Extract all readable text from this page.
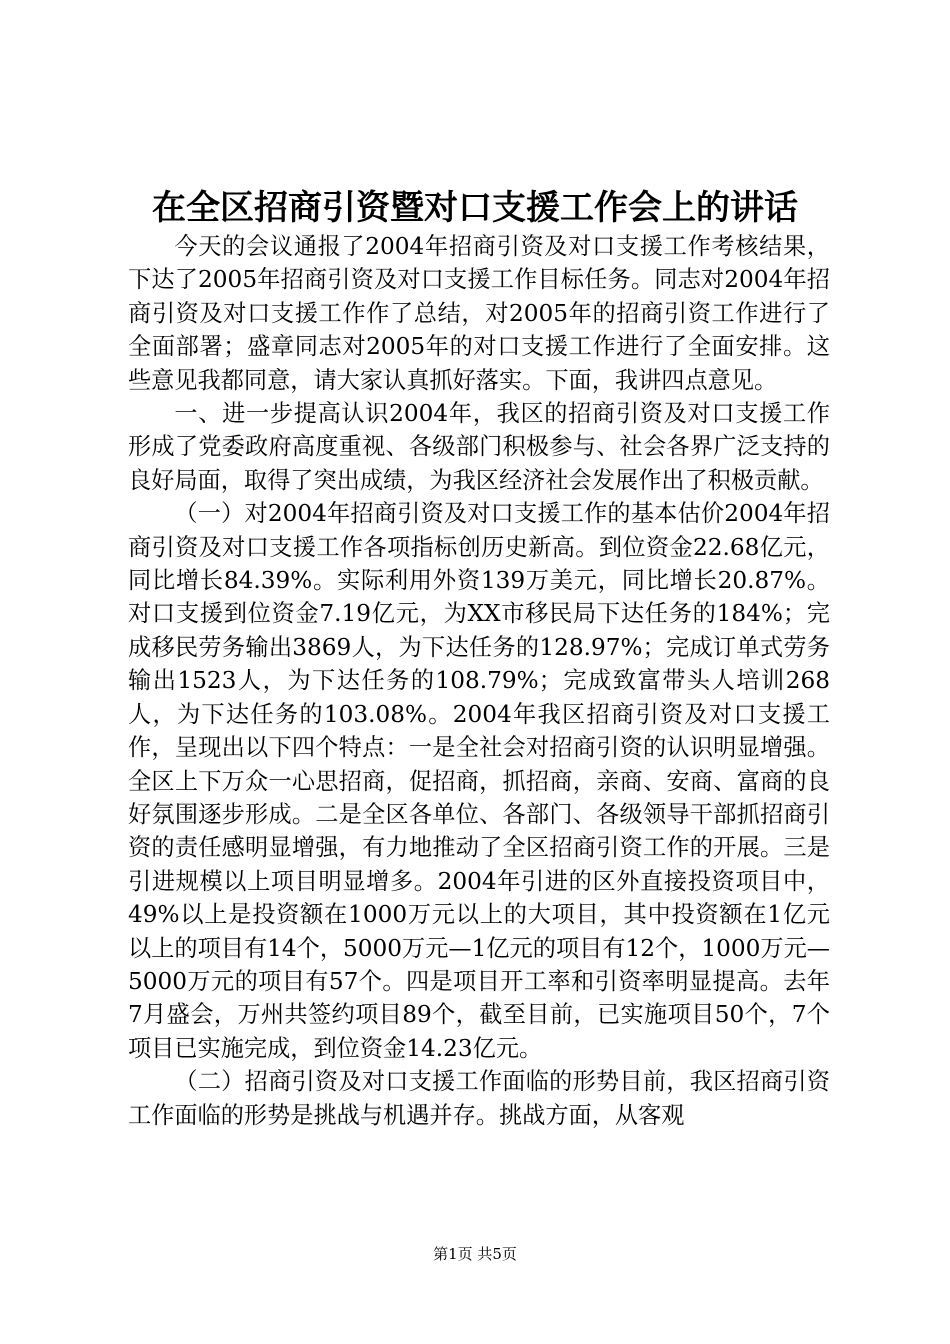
在全区招商引资暨对口支援工作会上的讲话

今天的会议通报了2004年招商引资及对口支援工作考核结果，下达了2005年招商引资及对口支援工作目标任务。同志对2004年招商引资及对口支援工作作了总结，对2005年的招商引资工作进行了全面部署；盛章同志对2005年的对口支援工作进行了全面安排。这些意见我都同意，请大家认真抓好落实。下面，我讲四点意见。

一、进一步提高认识2004年，我区的招商引资及对口支援工作形成了党委政府高度重视、各级部门积极参与、社会各界广泛支持的良好局面，取得了突出成绩，为我区经济社会发展作出了积极贡献。

（一）对2004年招商引资及对口支援工作的基本估价2004年招商引资及对口支援工作各项指标创历史新高。到位资金22.68亿元，同比增长84.39%。实际利用外资139万美元，同比增长20.87%。对口支援到位资金7.19亿元，为XX市移民局下达任务的184%；完成移民劳务输出3869人，为下达任务的128.97%；完成订单式劳务输出1523人，为下达任务的108.79%；完成致富带头人培训268人，为下达任务的103.08%。2004年我区招商引资及对口支援工作，呈现出以下四个特点：一是全社会对招商引资的认识明显增强。全区上下万众一心思招商，促招商，抓招商，亲商、安商、富商的良好氛围逐步形成。二是全区各单位、各部门、各级领导干部抓招商引资的责任感明显增强，有力地推动了全区招商引资工作的开展。三是引进规模以上项目明显增多。2004年引进的区外直接投资项目中，49%以上是投资额在1000万元以上的大项目，其中投资额在1亿元以上的项目有14个，5000万元—1亿元的项目有12个，1000万元—5000万元的项目有57个。四是项目开工率和引资率明显提高。去年7月盛会，万州共签约项目89个，截至目前，已实施项目50个，7个项目已实施完成，到位资金14.23亿元。

（二）招商引资及对口支援工作面临的形势目前，我区招商引资工作面临的形势是挑战与机遇并存。挑战方面，从客观

第1页 共5页
